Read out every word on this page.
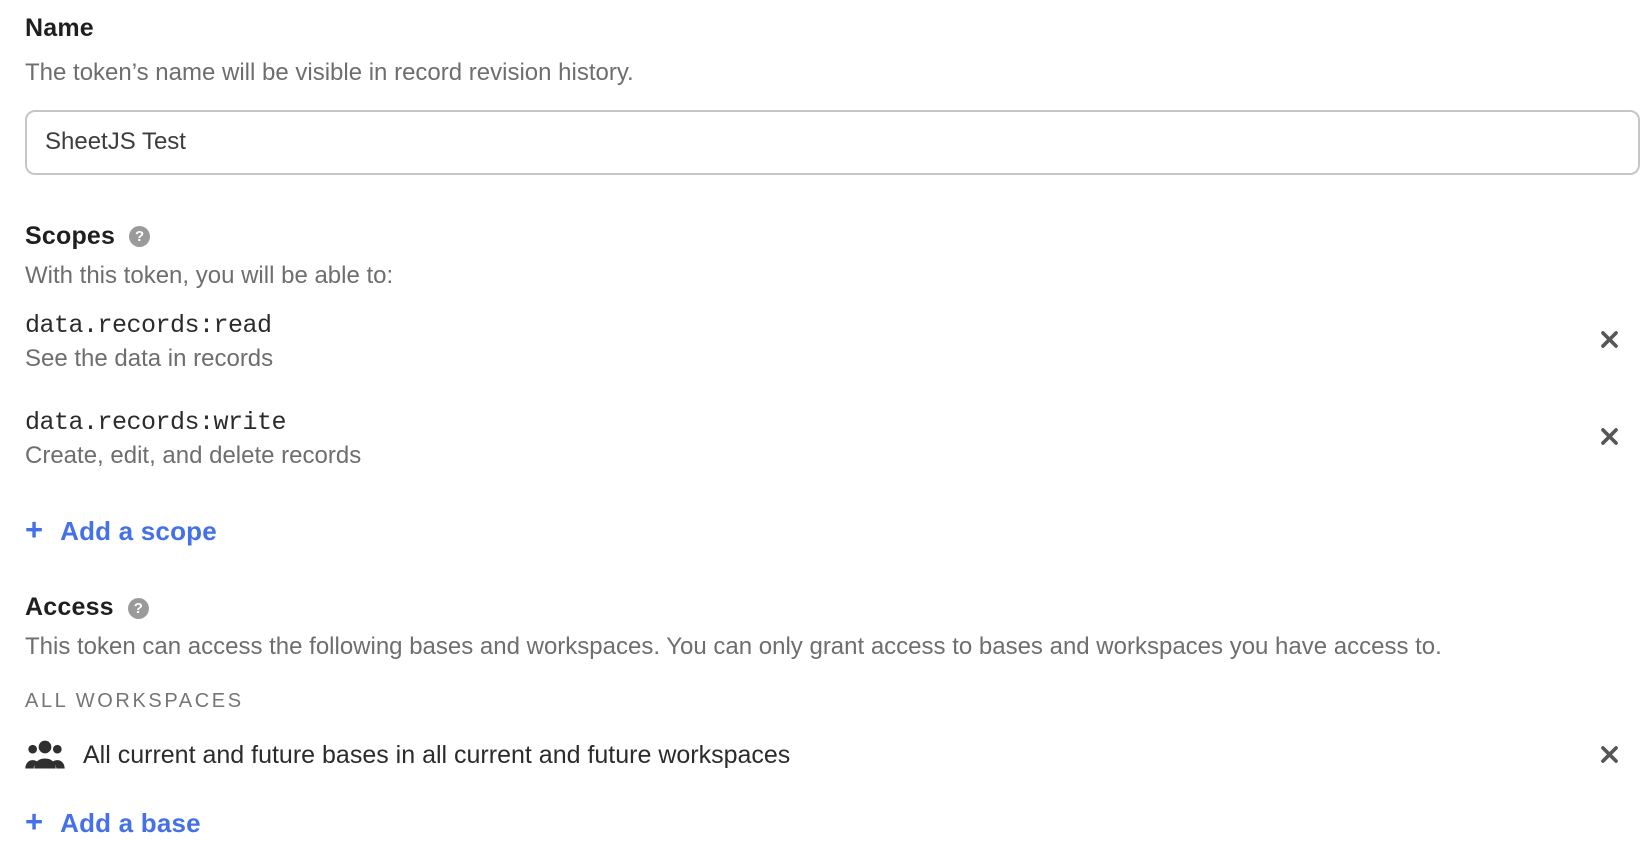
Name

The token’s name will be visible in record revision history.

SheetJS Test
Scopes	?

With this token, you will be able to:

data.records:read
See the data in records
data.records:write
Create, edit, and delete records
+ Add a scope
Access	?

This token can access the following bases and workspaces. You can only grant access to bases and workspaces you have access to.

ALL WORKSPACES
All current and future bases in all current and future workspaces
+ Add a base
